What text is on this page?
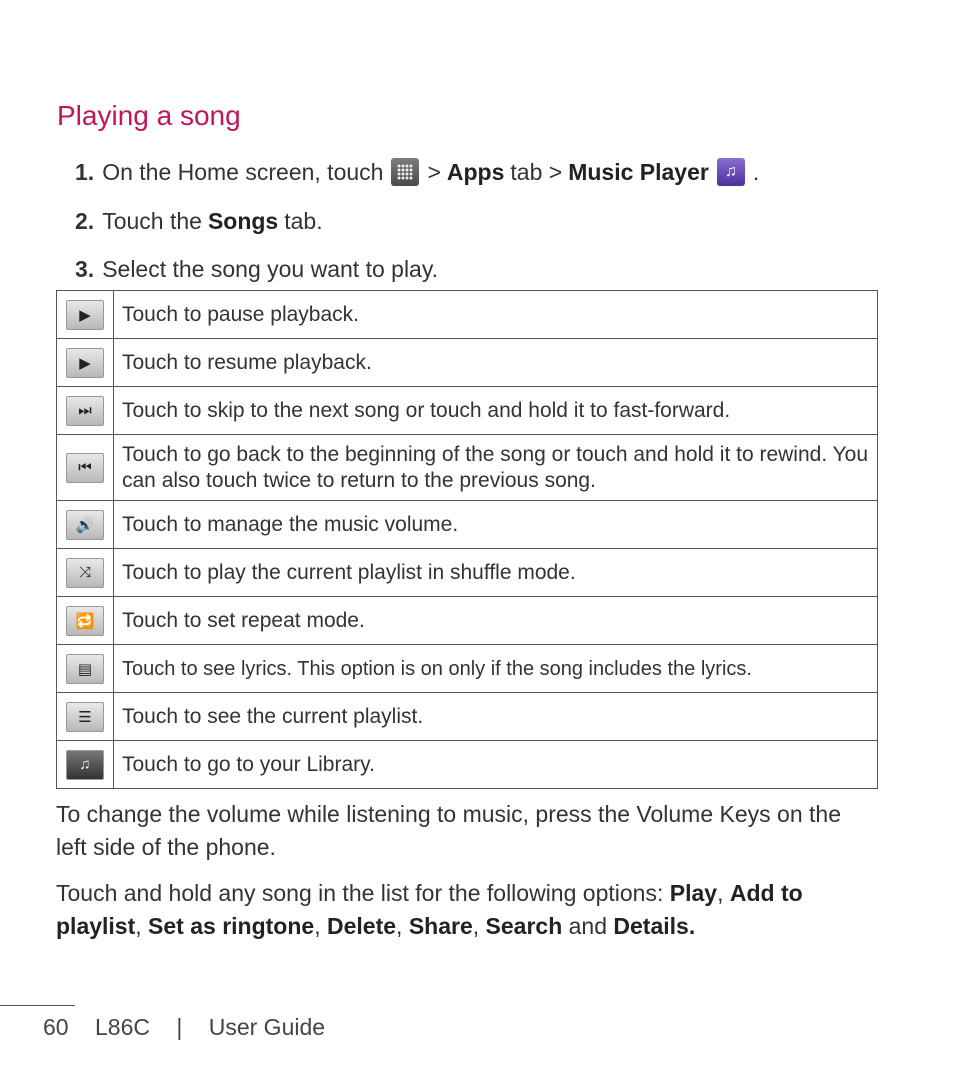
Playing a song
1. On the Home screen, touch > Apps tab > Music Player	♫ .
2. Touch the Songs tab.
3. Select the song you want to play.
▶	Touch to pause playback.
▶	Touch to resume playback.
⏭	Touch to skip to the next song or touch and hold it to fast-forward.
⏮	Touch to go back to the beginning of the song or touch and hold it to rewind. You can also touch twice to return to the previous song.
🔊	Touch to manage the music volume.
⤨	Touch to play the current playlist in shuffle mode.
🔁	Touch to set repeat mode.
▤	Touch to see lyrics. This option is on only if the song includes the lyrics.
☰	Touch to see the current playlist.
♫	Touch to go to your Library.

To change the volume while listening to music, press the Volume Keys on the left side of the phone.

Touch and hold any song in the list for the following options: Play, Add to playlist, Set as ringtone, Delete, Share, Search and Details.

60 L86C | User Guide
